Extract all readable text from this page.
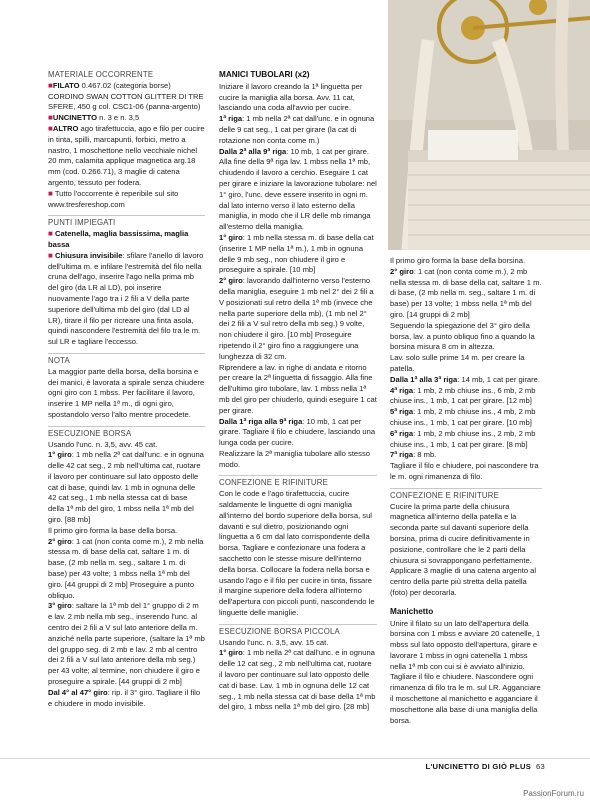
MATERIALE OCCORRENTE

■FILATO 0.467.02 (categoria borse) CORDINO SWAN COTTON GLITTER DI TRE SFERE, 450 g col. CSC1-06 (panna-argento)

■UNCINETTO n. 3 e n. 3,5

■ALTRO ago tirafettuccia, ago e filo per cucire in tinta, spilli, marcapunti, forbici, metro a nastro, 1 moschettone nello vecchiale nichel 20 mm, calamita applique magnetica arg.18 mm (cod. 0.266.71), 3 maglie di catena argento, tessuto per fodera.

■ Tutto l'occorrente è reperibile sul sito www.tresfereshop.com

PUNTI IMPIEGATI

■ Catenella, maglia bassissima, maglia bassa

■ Chiusura invisibile: sfilare l'anello di lavoro dell'ultima m. e infilare l'estremità del filo nella cruna dell'ago, inserire l'ago nella prima mb del giro (da LR al LD), poi inserire nuovamente l'ago tra i 2 fili a V della parte superiore dell'ultima mb del giro (dal LD al LR), tirare il filo per ricreare una finta asola, quindi nascondere l'estremità del filo tra le m. sul LR e tagliare l'eccesso.

NOTA

La maggior parte della borsa, della borsina e dei manici, è lavorata a spirale senza chiudere ogni giro con 1 mbss. Per facilitare il lavoro, inserire 1 MP nella 1ª m., di ogni giro, spostandolo verso l'alto mentre procedete.

ESECUZIONE BORSA

Usando l'unc. n. 3,5, avv. 45 cat.

1° giro: 1 mb nella 2ª cat dall'unc. e in ognuna delle 42 cat seg., 2 mb nell'ultima cat, ruotare il lavoro per continuare sul lato opposto delle cat di base, quindi lav. 1 mb in ognuna delle 42 cat seg., 1 mb nella stessa cat di base della 1ª mb del giro, 1 mbss nella 1ª mb del giro. [88 mb]

Il primo giro forma la base della borsa.

2° giro: 1 cat (non conta come m.), 2 mb nella stessa m. di base della cat, saltare 1 m. di base, (2 mb nella m. seg., saltare 1 m. di base) per 43 volte; 1 mbss nella 1ª mb del giro. [44 gruppi di 2 mb] Proseguire a punto obliquo.

3° giro: saltare la 1ª mb del 1° gruppo di 2 m e lav. 2 mb nella mb seg., inserendo l'unc. al centro dei 2 fili a V sul lato anteriore della m. anziché nella parte superiore, (saltare la 1ª mb del gruppo seg. di 2 mb e lav. 2 mb al centro dei 2 fili a V sul lato anteriore della mb seg.) per 43 volte; al termine, non chiudere il giro e proseguire a spirale. [44 gruppi di 2 mb]

Dal 4° al 47° giro: rip. il 3° giro. Tagliare il filo e chiudere in modo invisibile.

MANICI TUBOLARI (x2)

Iniziare il lavoro creando la 1ª linguetta per cucire la maniglia alla borsa. Avv. 11 cat, lasciando una coda all'avvio per cucire.

1ª riga: 1 mb nella 2ª cat dall'unc. e in ognuna delle 9 cat seg., 1 cat per girare (la cat di rotazione non conta come m.)

Dalla 2ª alla 9ª riga: 10 mb, 1 cat per girare. Alla fine della 9ª riga lav. 1 mbss nella 1ª mb, chiudendo il lavoro a cerchio. Eseguire 1 cat per girare e iniziare la lavorazione tubolare: nel 1° giro, l'unc. deve essere inserito in ogni m. dal lato interno verso il lato esterno della maniglia, in modo che il LR delle mb rimanga all'esterno della maniglia.

1° giro: 1 mb nella stessa m. di base della cat (inserire 1 MP nella 1ª m.), 1 mb in ognuna delle 9 mb seg., non chiudere il giro e proseguire a spirale. [10 mb]

2° giro: lavorando dall'interno verso l'esterno della maniglia, eseguire 1 mb nel 2° dei 2 fili a V posizionati sul retro della 1ª mb (invece che nella parte superiore della mb), (1 mb nel 2° dei 2 fili a V sul retro della mb seg.) 9 volte, non chiudere il giro. [10 mb] Proseguire ripetendo il 2° giro fino a raggiungere una lunghezza di 32 cm.

Riprendere a lav. in righe di andata e ritorno per creare la 2ª linguetta di fissaggio. Alla fine dell'ultimo giro tubolare, lav. 1 mbss nella 1ª mb del giro per chiuderlo, quindi eseguire 1 cat per girare.

Dalla 1ª riga alla 9ª riga: 10 mb, 1 cat per girare. Tagliare il filo e chiudere, lasciando una lunga coda per cucire.

Realizzare la 2ª maniglia tubolare allo stesso modo.

CONFEZIONE E RIFINITURE

Con le code e l'ago tirafettuccia, cucire saldamente le linguette di ogni maniglia all'interno del bordo superiore della borsa, sul davanti e sul dietro, posizionando ogni linguetta a 6 cm dal lato corrispondente della borsa. Tagliare e confezionare una fodera a sacchetto con le stesse misure dell'interno della borsa. Collocare la fodera nella borsa e usando l'ago e il filo per cucire in tinta, fissare il margine superiore della fodera all'interno dell'apertura con piccoli punti, nascondendo le linguette delle maniglie.

ESECUZIONE BORSA PICCOLA

Usando l'unc. n. 3,5, avv. 15 cat.

1° giro: 1 mb nella 2ª cat dall'unc. e in ognuna delle 12 cat seg., 2 mb nell'ultima cat, ruotare il lavoro per continuare sul lato opposto delle cat di base. Lav. 1 mb in ognuna delle 12 cat seg., 1 mb nella stessa cat di base della 1ª mb del giro, 1 mbss nella 1ª mb del giro. [28 mb]

Il primo giro forma la base della borsina.

2° giro: 1 cat (non conta come m.), 2 mb nella stessa m. di base della cat, saltare 1 m. di base, (2 mb nella m. seg., saltare 1 m. di base) per 13 volte; 1 mbss nella 1ª mb del giro. [14 gruppi di 2 mb]

Seguendo la spiegazione del 3° giro della borsa, lav. a punto obliquo fino a quando la borsina misura 8 cm in altezza.

Lav. solo sulle prime 14 m. per creare la patella.

Dalla 1ª alla 3ª riga: 14 mb, 1 cat per girare.

4ª riga: 1 mb, 2 mb chiuse ins., 6 mb, 2 mb chiuse ins., 1 mb, 1 cat per girare. [12 mb]

5ª riga: 1 mb, 2 mb chiuse ins., 4 mb, 2 mb chiuse ins., 1 mb, 1 cat per girare. [10 mb]

6ª riga: 1 mb, 2 mb chiuse ins., 2 mb, 2 mb chiuse ins., 1 mb, 1 cat per girare. [8 mb]

7ª riga: 8 mb.

Tagliare il filo e chiudere, poi nascondere tra le m. ogni rimanenza di filo.

CONFEZIONE E RIFINITURE

Cucire la prima parte della chiusura magnetica all'interno della patella e la seconda parte sul davanti superiore della borsina, prima di cucire definitivamente in posizione, controllare che le 2 parti della chiusura si sovrappongano perfettamente. Applicare 3 maglie di una catena argento al centro della parte più stretta della patella (foto) per decorarla.

Manichetto

Unire il filato su un lato dell'apertura della borsina con 1 mbss e avviare 20 catenelle, 1 mbss sul lato opposto dell'apertura, girare e lavorare 1 mbss in ogni catenella 1 mbss nella 1ª mb con cui si è avviato all'inizio. Tagliare il filo e chiudere. Nascondere ogni rimanenza di filo tra le m. sul LR. Agganciare il moschettone al manichetto e agganciare il moschettone alla base di una maniglia della borsa.

L'UNCINETTO DI GIÒ PLUS 63
PassionForum.ru
